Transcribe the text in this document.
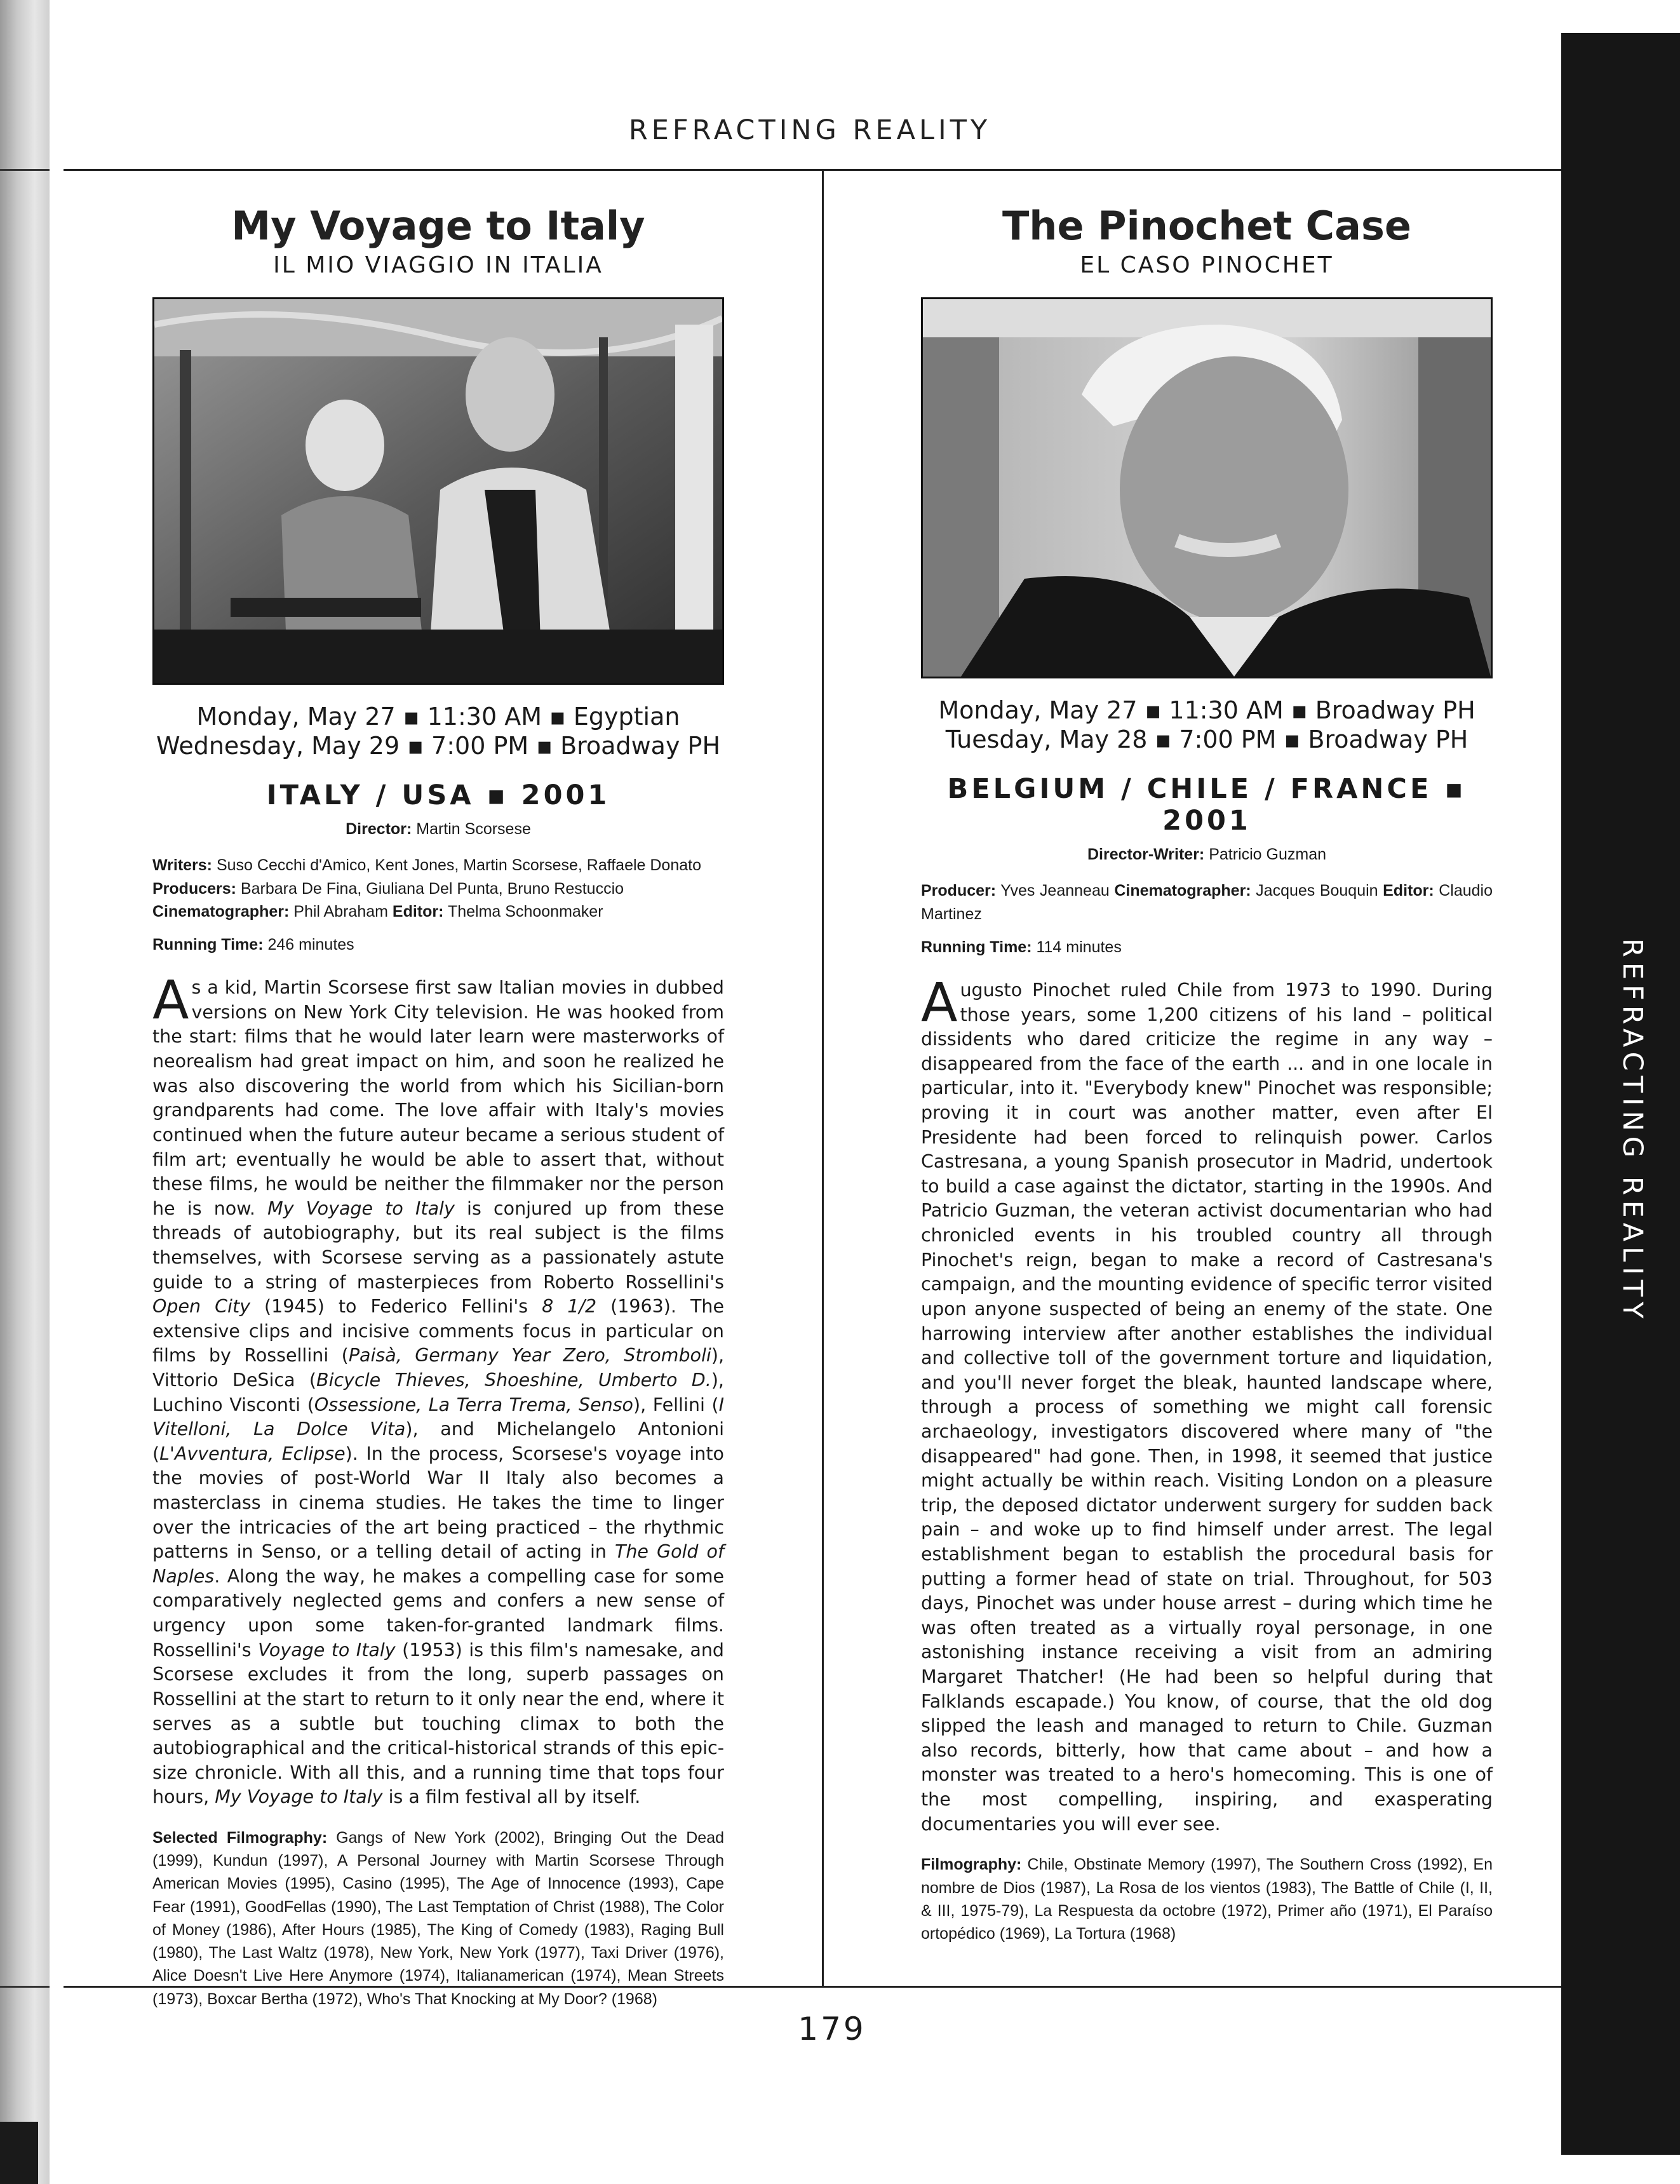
REFRACTING REALITY
REFRACTING REALITY
179
My Voyage to Italy

IL MIO VIAGGIO IN ITALIA

Monday, May 27 ▪ 11:30 AM ▪ Egyptian
Wednesday, May 29 ▪ 7:00 PM ▪ Broadway PH
ITALY / USA ▪ 2001
Director: Martin Scorsese
Writers: Suso Cecchi d'Amico, Kent Jones, Martin Scorsese, Raffaele Donato
Producers: Barbara De Fina, Giuliana Del Punta, Bruno Restuccio
Cinematographer: Phil Abraham Editor: Thelma Schoonmaker
Running Time: 246 minutes
As a kid, Martin Scorsese first saw Italian movies in dubbed versions on New York City television. He was hooked from the start: films that he would later learn were masterworks of neorealism had great impact on him, and soon he realized he was also discovering the world from which his Sicilian-born grandparents had come. The love affair with Italy's movies continued when the future auteur became a serious student of film art; eventually he would be able to assert that, without these films, he would be neither the filmmaker nor the person he is now. My Voyage to Italy is conjured up from these threads of autobiography, but its real subject is the films themselves, with Scorsese serving as a passionately astute guide to a string of masterpieces from Roberto Rossellini's Open City (1945) to Federico Fellini's 8 1/2 (1963). The extensive clips and incisive comments focus in particular on films by Rossellini (Paisà, Germany Year Zero, Stromboli), Vittorio DeSica (Bicycle Thieves, Shoeshine, Umberto D.), Luchino Visconti (Ossessione, La Terra Trema, Senso), Fellini (I Vitelloni, La Dolce Vita), and Michelangelo Antonioni (L'Avventura, Eclipse). In the process, Scorsese's voyage into the movies of post-World War II Italy also becomes a masterclass in cinema studies. He takes the time to linger over the intricacies of the art being practiced – the rhythmic patterns in Senso, or a telling detail of acting in The Gold of Naples. Along the way, he makes a compelling case for some comparatively neglected gems and confers a new sense of urgency upon some taken-for-granted landmark films. Rossellini's Voyage to Italy (1953) is this film's namesake, and Scorsese excludes it from the long, superb passages on Rossellini at the start to return to it only near the end, where it serves as a subtle but touching climax to both the autobiographical and the critical-historical strands of this epic-size chronicle. With all this, and a running time that tops four hours, My Voyage to Italy is a film festival all by itself.
Selected Filmography: Gangs of New York (2002), Bringing Out the Dead (1999), Kundun (1997), A Personal Journey with Martin Scorsese Through American Movies (1995), Casino (1995), The Age of Innocence (1993), Cape Fear (1991), GoodFellas (1990), The Last Temptation of Christ (1988), The Color of Money (1986), After Hours (1985), The King of Comedy (1983), Raging Bull (1980), The Last Waltz (1978), New York, New York (1977), Taxi Driver (1976), Alice Doesn't Live Here Anymore (1974), Italianamerican (1974), Mean Streets (1973), Boxcar Bertha (1972), Who's That Knocking at My Door? (1968)
The Pinochet Case

EL CASO PINOCHET

Monday, May 27 ▪ 11:30 AM ▪ Broadway PH
Tuesday, May 28 ▪ 7:00 PM ▪ Broadway PH
BELGIUM / CHILE / FRANCE ▪ 2001
Director-Writer: Patricio Guzman
Producer: Yves Jeanneau Cinematographer: Jacques Bouquin Editor: Claudio Martinez
Running Time: 114 minutes
Augusto Pinochet ruled Chile from 1973 to 1990. During those years, some 1,200 citizens of his land – political dissidents who dared criticize the regime in any way – disappeared from the face of the earth ... and in one locale in particular, into it. "Everybody knew" Pinochet was responsible; proving it in court was another matter, even after El Presidente had been forced to relinquish power. Carlos Castresana, a young Spanish prosecutor in Madrid, undertook to build a case against the dictator, starting in the 1990s. And Patricio Guzman, the veteran activist documentarian who had chronicled events in his troubled country all through Pinochet's reign, began to make a record of Castresana's campaign, and the mounting evidence of specific terror visited upon anyone suspected of being an enemy of the state. One harrowing interview after another establishes the individual and collective toll of the government torture and liquidation, and you'll never forget the bleak, haunted landscape where, through a process of something we might call forensic archaeology, investigators discovered where many of "the disappeared" had gone. Then, in 1998, it seemed that justice might actually be within reach. Visiting London on a pleasure trip, the deposed dictator underwent surgery for sudden back pain – and woke up to find himself under arrest. The legal establishment began to establish the procedural basis for putting a former head of state on trial. Throughout, for 503 days, Pinochet was under house arrest – during which time he was often treated as a virtually royal personage, in one astonishing instance receiving a visit from an admiring Margaret Thatcher! (He had been so helpful during that Falklands escapade.) You know, of course, that the old dog slipped the leash and managed to return to Chile. Guzman also records, bitterly, how that came about – and how a monster was treated to a hero's homecoming. This is one of the most compelling, inspiring, and exasperating documentaries you will ever see.
Filmography: Chile, Obstinate Memory (1997), The Southern Cross (1992), En nombre de Dios (1987), La Rosa de los vientos (1983), The Battle of Chile (I, II, & III, 1975-79), La Respuesta da octobre (1972), Primer año (1971), El Paraíso ortopédico (1969), La Tortura (1968)
